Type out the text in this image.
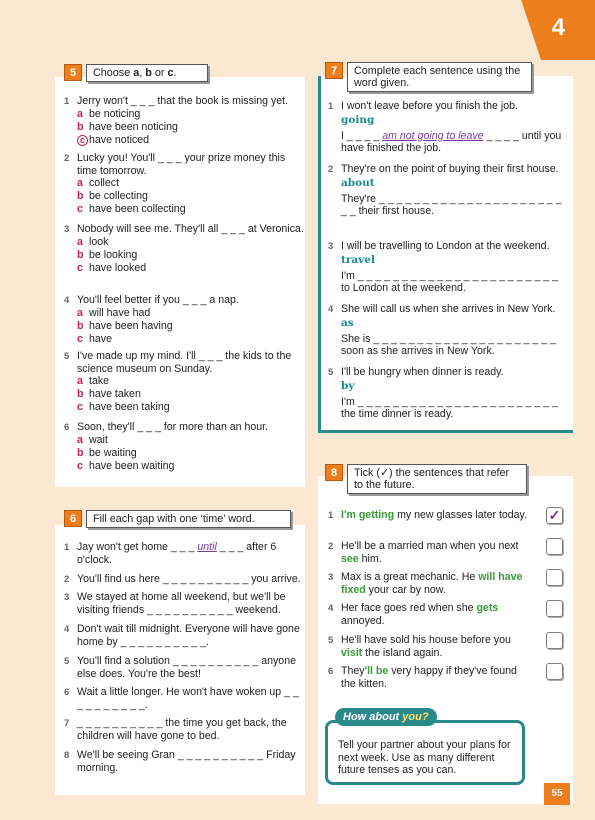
4
5	Choose a, b or c.
1 Jerry won't _ _ _ that the book is missing yet.
a be noticing
b have been noticing
c have noticed
2 Lucky you! You'll _ _ _ your prize money this time tomorrow.
a collect
b be collecting
c have been collecting
3 Nobody will see me. They'll all _ _ _ at Veronica.
a look
b be looking
c have looked
4 You'll feel better if you _ _ _ a nap.
a will have had
b have been having
c have
5 I've made up my mind. I'll _ _ _ the kids to the science museum on Sunday.
a take
b have taken
c have been taking
6 Soon, they'll _ _ _ for more than an hour.
a wait
b be waiting
c have been waiting
6	Fill each gap with one ‘time’ word.
1 Jay won't get home _ _ _ until _ _ _ after 6 o'clock.
2 You'll find us here _ _ _ _ _ _ _ _ _ _ you arrive.
3 We stayed at home all weekend, but we'll be visiting friends _ _ _ _ _ _ _ _ _ _ weekend.
4 Don't wait till midnight. Everyone will have gone home by _ _ _ _ _ _ _ _ _ _.
5 You'll find a solution _ _ _ _ _ _ _ _ _ _ anyone else does. You're the best!
6 Wait a little longer. He won't have woken up _ _ _ _ _ _ _ _ _ _.
7 _ _ _ _ _ _ _ _ _ _ the time you get back, the children will have gone to bed.
8 We'll be seeing Gran _ _ _ _ _ _ _ _ _ _ Friday morning.
7	Complete each sentence using the word given.
1 I won't leave before you finish the job.
going
I _ _ _ _ am not going to leave _ _ _ _ until you have finished the job.
2 They're on the point of buying their first house.
about
They're _ _ _ _ _ _ _ _ _ _ _ _ _ _ _ _ _ _ _ _ _ _ _ their first house.
3 I will be travelling to London at the weekend.
travel
I'm _ _ _ _ _ _ _ _ _ _ _ _ _ _ _ _ _ _ _ _ _ _ _ to London at the weekend.
4 She will call us when she arrives in New York.
as
She is _ _ _ _ _ _ _ _ _ _ _ _ _ _ _ _ _ _ _ _ _ soon as she arrives in New York.
5 I'll be hungry when dinner is ready.
by
I'm _ _ _ _ _ _ _ _ _ _ _ _ _ _ _ _ _ _ _ _ _ _ _ the time dinner is ready.
8	Tick (✓) the sentences that refer to the future.
1 I'm getting my new glasses later today. ✓
2 He'll be a married man when you next see him.
3 Max is a great mechanic. He will have fixed your car by now.
4 Her face goes red when she gets annoyed.
5 He'll have sold his house before you visit the island again.
6 They'll be very happy if they've found the kitten.
Tell your partner about your plans for next week. Use as many different future tenses as you can.
How about you?
55
